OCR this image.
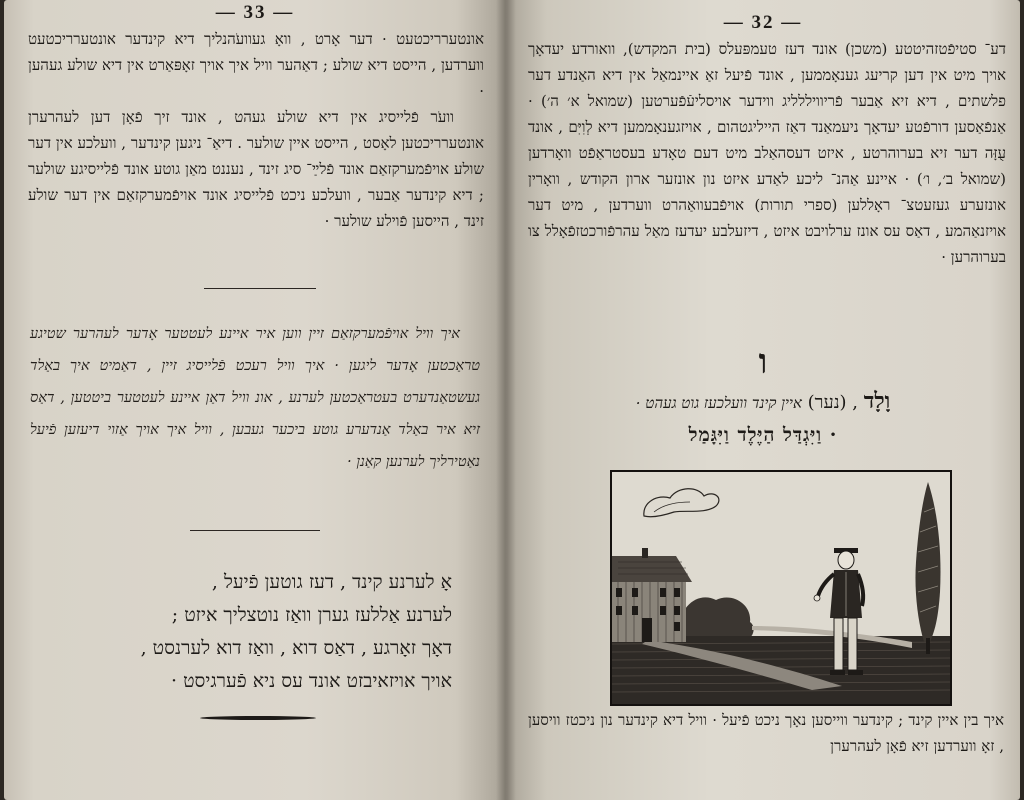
— 33 —
אונטערריכטעט · דער אָרט , וואָ געוועֹהנליך דיא קינדער אונטערריכטעט ווערדען , הייסט דיא שולע ; דאַהער וויל איך אויך זאָפּאַרט אין דיא שולע געהען ·
וועֹר פֿלייסיג אין דיא שולע געהט , אונד זיך פֿאָן דען לעהרערן אונטערריכטען לאָסט , הייסט איין שולער . דיאַ־ ניגען קינדער , וועלכע אין דער שולע אויפֿמערקזאַם אונד פֿלײַ־ סיג זינד , נעננט מאַן גוטע אונד פֿלייסיגע שולער ; דיא קינדער אַבער , וועלכע ניכט פֿלייסיג אונד אויפֿמערקזאַם אין דער שולע זינד , הייסען פֿוילע שולער ·
איך וויל אויפֿמערקזאַם זיין ווען איר איינע לעטטער אָדער לעהרער שטיגע טראַכטען אָדער ליגען · איך וויל רעכט פֿלייסיג זיין , דאַמיט איך באַלד געשטאַנדערט בעטראַכטען לערנע , אונ וויל דאַן איינע לעטטער ביטטען , דאַס זיא איר באַלד אַנדערע גוטע ביכער געבען , וויל איך אויך אַזוי דיעזען פֿיעל נאַטירליך לערנען קאַנן ·
אָ לערנע קינד , דעז גוטען פֿיעל ,
לערנע אַללעז גערן וואַז נוטצליך איזט ;
דאָך זאָרגע , דאַס דוא , וואַז דוא לערנסט ,
אויך אויזאיבזט אונד עס ניא פֿערגיסט ·
— 32 —
דע־ סטיפֿטזהיטטע (משכן) אונד דעז טעמפּעלס (בית המקדש), וואורדע יעדאָך אויך מיט אין דען קריעג גענאָממען , אונד פֿיעל זאַ איינמאַל אין דיא האַנדע דער פלשתים , דיא זיא אַבער פֿריוויללליג ווידער אויסליעֿפֿערטען (שמואל א׳ ה׳) · אַנפֿאַסען דורפֿטע יעדאָך ניעמאַנד דאַז הייליגטהום , אויזגענאָממען דיא לְוִיִּם , אונד עֻזָּה דער זיא בערוהרטע , איזט דעסהאַלב מיט דעם טאָדע בעסטראַפֿט וואָרדען (שמואל ב׳, ו׳) · איינע אַהנ־ ליכע לאַדע איזט נון אונזער ארון הקודש , וואָרין אונזערע געזעטצ־ ראָללען (ספרי תורות) אויפֿבעוואַהרט ווערדען , מיט דער אויזנאַהמע , דאַס עס אונז ערלויבט איזט , דיזעלבע יעדעז מאַל עהרפֿורכטזפֿאָלל צו בערוהרען ·
ו
וָלָד , (נער) איין קינד וועלכעז גוט געהט ·
· וַיִּגְדַּל הַיֶּלֶד וַיִּגָּמַל
איך בין איין קינד ; קינדער ווייסען נאָך ניכט פֿיעל · וויל דיא קינדער נון ניכטז וויסען , זאָ ווערדען זיא פֿאָן לעהרערן
